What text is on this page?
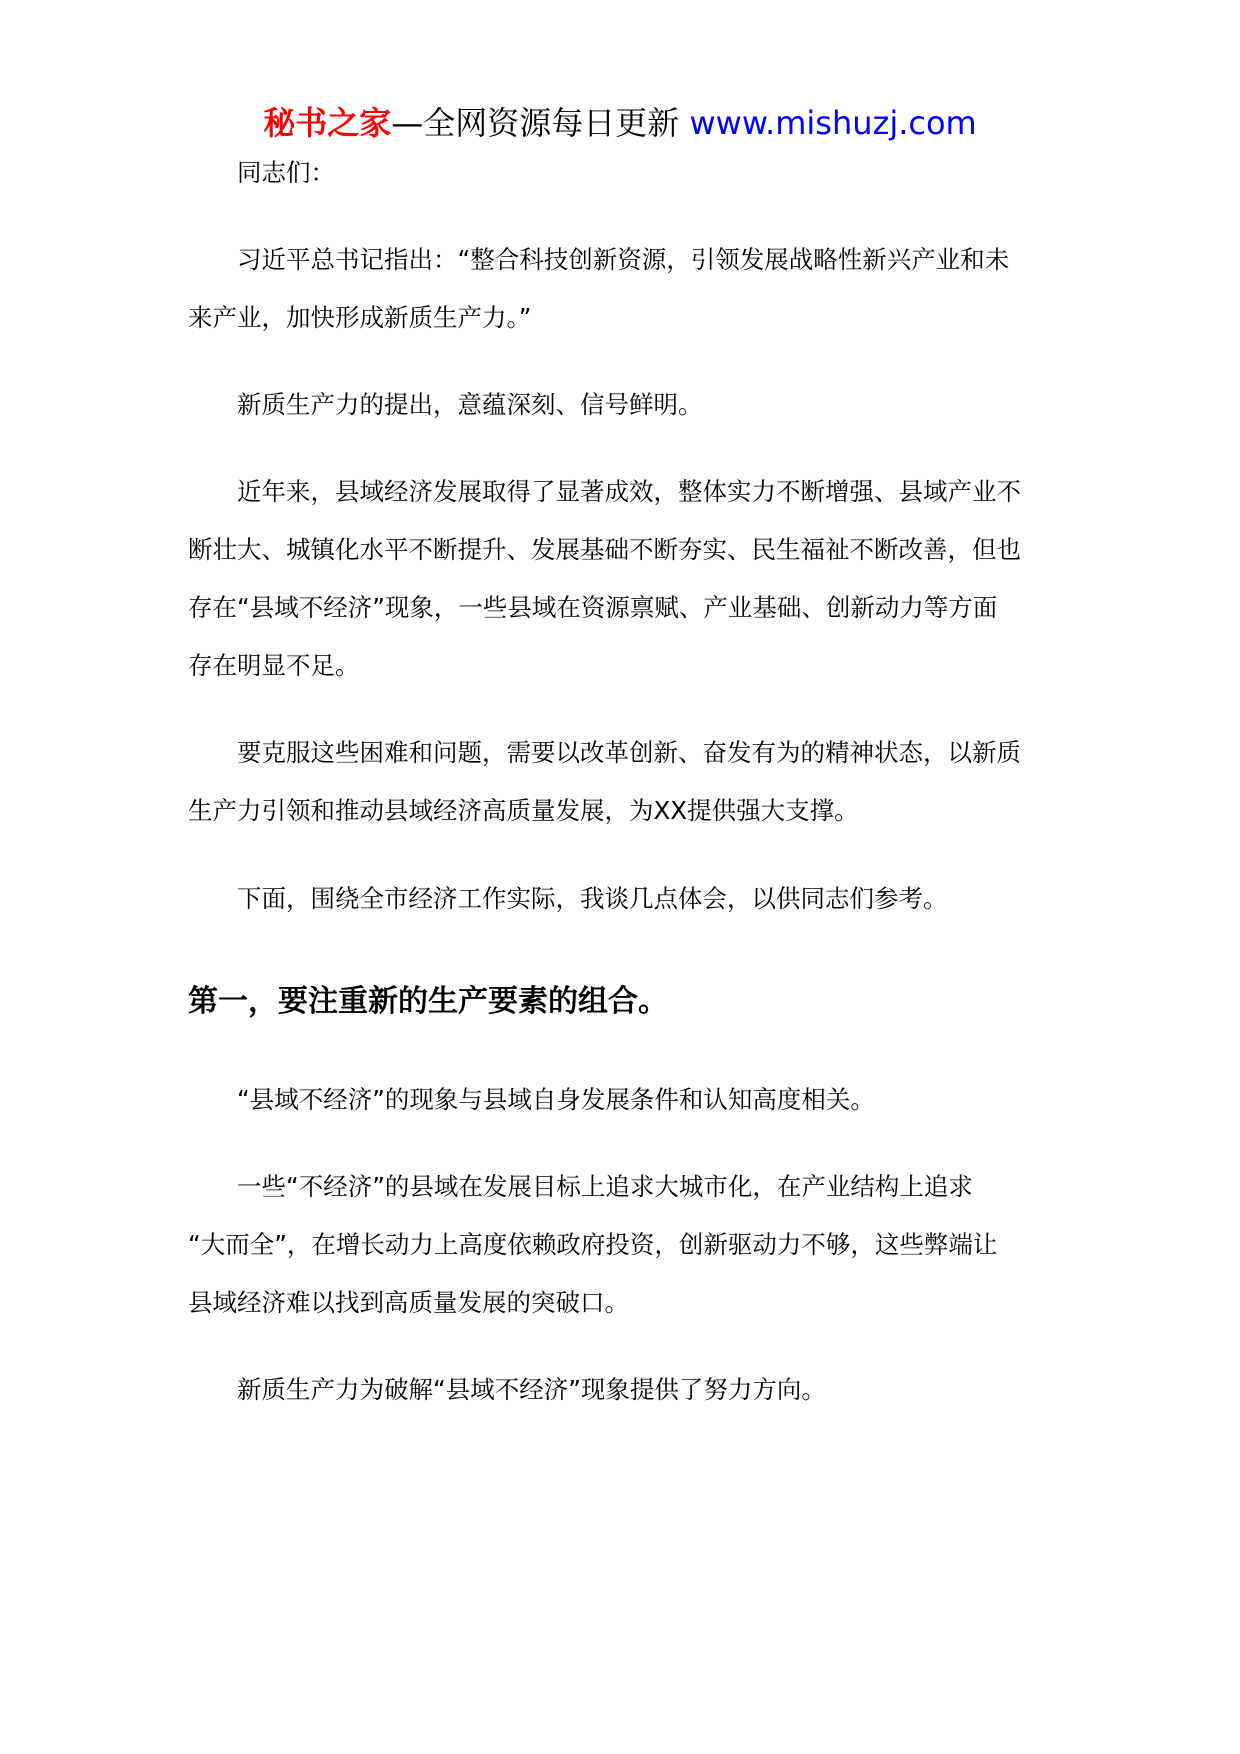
秘书之家—全网资源每日更新 www.mishuzj.com

同志们：

习近平总书记指出：“整合科技创新资源，引领发展战略性新兴产业和未

来产业，加快形成新质生产力。”

新质生产力的提出，意蕴深刻、信号鲜明。

近年来，县域经济发展取得了显著成效，整体实力不断增强、县域产业不

断壮大、城镇化水平不断提升、发展基础不断夯实、民生福祉不断改善，但也

存在“县域不经济”现象，一些县域在资源禀赋、产业基础、创新动力等方面

存在明显不足。

要克服这些困难和问题，需要以改革创新、奋发有为的精神状态，以新质

生产力引领和推动县域经济高质量发展，为XX提供强大支撑。

下面，围绕全市经济工作实际，我谈几点体会，以供同志们参考。

第一，要注重新的生产要素的组合。

“县域不经济”的现象与县域自身发展条件和认知高度相关。

一些“不经济”的县域在发展目标上追求大城市化，在产业结构上追求

“大而全”，在增长动力上高度依赖政府投资，创新驱动力不够，这些弊端让

县域经济难以找到高质量发展的突破口。

新质生产力为破解“县域不经济”现象提供了努力方向。
